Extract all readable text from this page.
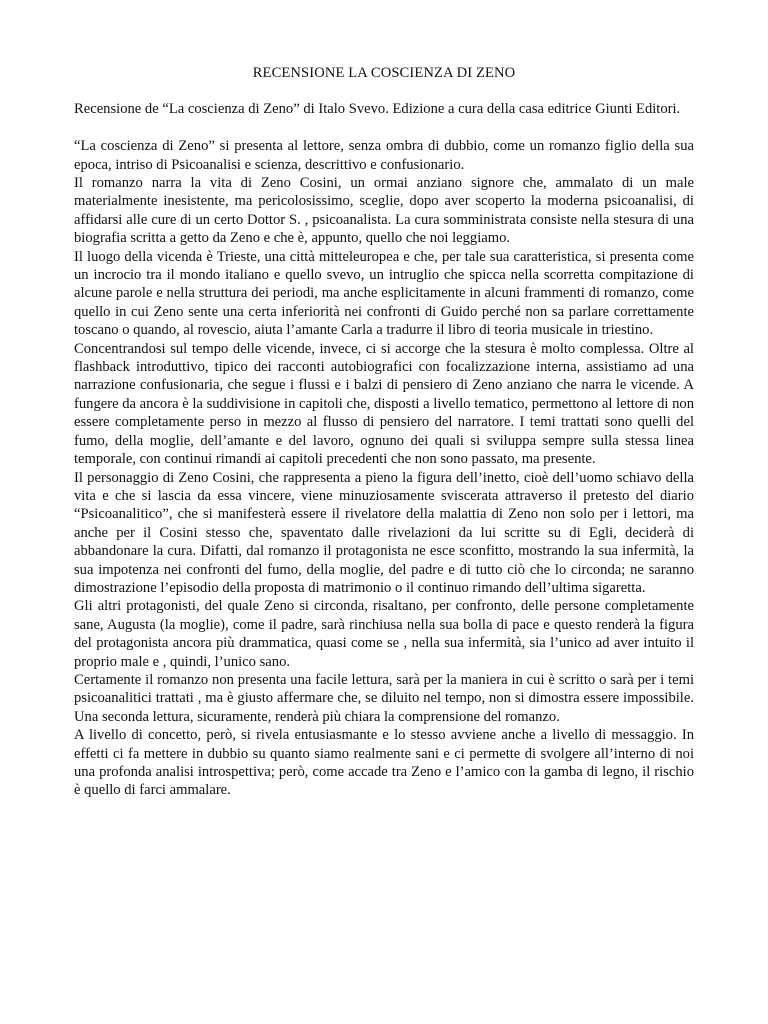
RECENSIONE LA COSCIENZA DI ZENO

Recensione de “La coscienza di Zeno” di Italo Svevo. Edizione a cura della casa editrice Giunti Editori.

“La coscienza di Zeno” si presenta al lettore, senza ombra di dubbio, come un romanzo figlio della sua epoca, intriso di Psicoanalisi e scienza, descrittivo e confusionario.

Il romanzo narra la vita di Zeno Cosini, un ormai anziano signore che, ammalato di un male materialmente inesistente, ma pericolosissimo, sceglie, dopo aver scoperto la moderna psicoanalisi, di affidarsi alle cure di un certo Dottor S. , psicoanalista. La cura somministrata consiste nella stesura di una biografia scritta a getto da Zeno e che è, appunto, quello che noi leggiamo.

Il luogo della vicenda è Trieste, una città mitteleuropea e che, per tale sua caratteristica, si presenta come un incrocio tra il mondo italiano e quello svevo, un intruglio che spicca nella scorretta compitazione di alcune parole e nella struttura dei periodi, ma anche esplicitamente in alcuni frammenti di romanzo, come quello in cui Zeno sente una certa inferiorità nei confronti di Guido perché non sa parlare correttamente toscano o quando, al rovescio, aiuta l’amante Carla a tradurre il libro di teoria musicale in triestino.

Concentrandosi sul tempo delle vicende, invece, ci si accorge che la stesura è molto complessa. Oltre al flashback introduttivo, tipico dei racconti autobiografici con focalizzazione interna, assistiamo ad una narrazione confusionaria, che segue i flussi e i balzi di pensiero di Zeno anziano che narra le vicende. A fungere da ancora è la suddivisione in capitoli che, disposti a livello tematico, permettono al lettore di non essere completamente perso in mezzo al flusso di pensiero del narratore. I temi trattati sono quelli del fumo, della moglie, dell’amante e del lavoro, ognuno dei quali si sviluppa sempre sulla stessa linea temporale, con continui rimandi ai capitoli precedenti che non sono passato, ma presente.

Il personaggio di Zeno Cosini, che rappresenta a pieno la figura dell’inetto, cioè dell’uomo schiavo della vita e che si lascia da essa vincere, viene minuziosamente sviscerata attraverso il pretesto del diario “Psicoanalitico”, che si manifesterà essere il rivelatore della malattia di Zeno non solo per i lettori, ma anche per il Cosini stesso che, spaventato dalle rivelazioni da lui scritte su di Egli, deciderà di abbandonare la cura. Difatti, dal romanzo il protagonista ne esce sconfitto, mostrando la sua infermità, la sua impotenza nei confronti del fumo, della moglie, del padre e di tutto ciò che lo circonda; ne saranno dimostrazione l’episodio della proposta di matrimonio o il continuo rimando dell’ultima sigaretta.

Gli altri protagonisti, del quale Zeno si circonda, risaltano, per confronto, delle persone completamente sane, Augusta (la moglie), come il padre, sarà rinchiusa nella sua bolla di pace e questo renderà la figura del protagonista ancora più drammatica, quasi come se , nella sua infermità, sia l’unico ad aver intuito il proprio male e , quindi, l’unico sano.

Certamente il romanzo non presenta una facile lettura, sarà per la maniera in cui è scritto o sarà per i temi psicoanalitici trattati , ma è giusto affermare che, se diluito nel tempo, non si dimostra essere impossibile. Una seconda lettura, sicuramente, renderà più chiara la comprensione del romanzo.

A livello di concetto, però, si rivela entusiasmante e lo stesso avviene anche a livello di messaggio. In effetti ci fa mettere in dubbio su quanto siamo realmente sani e ci permette di svolgere all’interno di noi una profonda analisi introspettiva; però, come accade tra Zeno e l’amico con la gamba di legno, il rischio è quello di farci ammalare.
